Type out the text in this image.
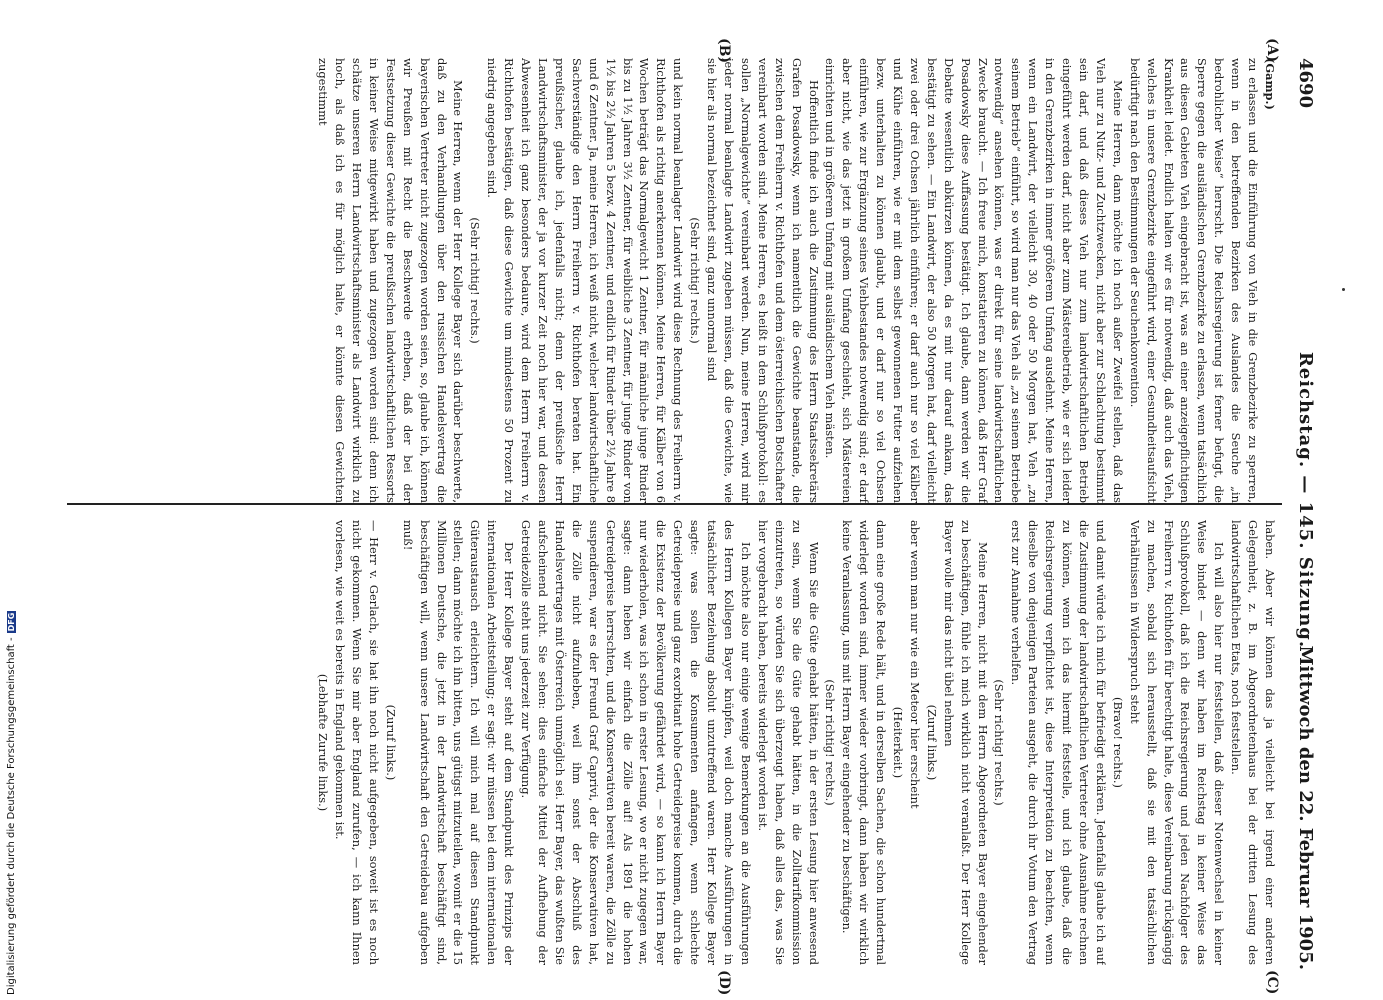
4690
Reichstag. — 145. Sitzung.
Mittwoch den 22. Februar 1905.
(A)
(B)
(C)
(D)

(Gamp.)

zu erlassen und die Einführung von Vieh in die Grenzbezirke zu sperren, wenn in den betreffenden Bezirken des Auslandes die Seuche „in bedrohlicher Weise“ herrscht. Die Reichsregierung ist ferner befugt, die Sperre gegen die ausländischen Grenzbezirke zu erlassen, wenn tatsächlich aus diesen Gebieten Vieh eingebracht ist, was an einer anzeigepflichtigen Krankheit leidet. Endlich halten wir es für notwendig, daß auch das Vieh, welches in unsere Grenzbezirke eingeführt wird, einer Gesundheitsaufsicht bedürftigt nach den Bestimmungen der Seuchenkonvention.

Meine Herren, dann möchte ich noch außer Zweifel stellen, daß das Vieh nur zu Nutz- und Zuchtzwecken, nicht aber zur Schlachtung bestimmt sein darf, und daß dieses Vieh nur zum landwirtschaftlichen Betrieb eingeführt werden darf, nicht aber zum Mästereibetrieb, wie er sich leider in den Grenzbezirken in immer größerem Umfang ausdehnt. Meine Herren, wenn ein Landwirt, der vielleicht 30, 40 oder 50 Morgen hat, Vieh „zu seinem Betrieb“ einführt, so wird man nur das Vieh als „zu seinem Betriebe notwendig“ ansehen können, was er direkt für seine landwirtschaftlichen Zwecke braucht. — Ich freue mich, konstatieren zu können, daß Herr Graf Posadowsky diese Auffassung bestätigt. Ich glaube, dann werden wir die Debatte wesentlich abkürzen können, da es mit nur darauf ankam, das bestätigt zu sehen. — Ein Landwirt, der also 50 Morgen hat, darf vielleicht zwei oder drei Ochsen jährlich einführen; er darf auch nur so viel Kälber und Kühe einführen, wie er mit dem selbst gewonnenen Futter aufziehen bezw. unterhalten zu können glaubt, und er darf nur so viel Ochsen einführen, wie zur Ergänzung seines Viehbestandes notwendig sind; er darf aber nicht, wie das jetzt in großem Umfang geschieht, sich Mästereien einrichten und in größerem Umfang mit ausländischem Vieh mästen.

Hoffentlich finde ich auch die Zustimmung des Herrn Staatssekretärs Grafen Posadowsky, wenn ich namentlich die Gewichte beanstande, die zwischen dem Freiherrn v. Richthofen und dem österreichischen Botschafter vereinbart worden sind. Meine Herren, es heißt in dem Schlußprotokoll: es sollen „Normalgewichte“ vereinbart werden. Nun, meine Herren, wird mir jeder normal beanlagte Landwirt zugeben müssen, daß die Gewichte, wie sie hier als normal bezeichnet sind, ganz unnormal sind

(Sehr richtig! rechts.)

und kein normal beanlagter Landwirt wird diese Rechnung des Freiherrn v. Richthofen als richtig anerkennen können. Meine Herren, für Kälber von 6 Wochen beträgt das Normalgewicht 1 Zentner, für männliche junge Rinder bis zu 1½ Jahren 3½ Zentner, für weibliche 3 Zentner, für junge Rinder von 1½ bis 2½ Jahren 5 bezw. 4 Zentner, und endlich für Rinder über 2½ Jahre 8 und 6 Zentner. Ja, meine Herren, ich weiß nicht, welcher landwirtschaftliche Sachverständige den Herrn Freiherrn v. Richthofen beraten hat. Ein preußischer, glaube ich, jedenfalls nicht; denn der preußische Herr Landwirtschaftsminister, der ja vor kurzer Zeit noch hier war, und dessen Abwesenheit ich ganz besonders bedaure, wird dem Herrn Freiherrn v. Richthofen bestätigen, daß diese Gewichte um mindestens 50 Prozent zu niedrig angegeben sind.

(Sehr richtig! rechts.)

Meine Herren, wenn der Herr Kollege Bayer sich darüber beschwerte, daß zu den Verhandlungen über den russischen Handelsvertrag die bayerischen Vertreter nicht zugezogen worden seien, so, glaube ich, können wir Preußen mit Recht die Beschwerde erheben, daß der bei der Festsetzung dieser Gewichte die preußischen landwirtschaftlichen Ressorts in keiner Weise mitgewirkt haben und zugezogen worden sind: denn ich schätze unseren Herrn Landwirtschaftsminister als Landwirt wirklich zu hoch, als daß ich es für möglich halte, er könnte diesen Gewichten zugestimmt

haben. Aber wir können das ja vielleicht bei irgend einer anderen Gelegenheit, z. B. im Abgeordnetenhaus bei der dritten Lesung des landwirtschaftlichen Etats, noch feststellen.

Ich will also hier nur feststellen, daß dieser Notenwechsel in keiner Weise bindet — denn wir haben im Reichstag in keiner Weise das Schlußprotokoll, daß ich die Reichsregierung und jeden Nachfolger des Freiherrn v. Richthofen für berechtigt halte, diese Vereinbarung rückgängig zu machen, sobald sich herausstellt, daß sie mit den tatsächlichen Verhältnissen in Widerspruch steht

(Bravo! rechts.)

und damit würde ich mich für befriedigt erklären. Jedenfalls glaube ich auf die Zustimmung der landwirtschaftlichen Vertreter ohne Ausnahme rechnen zu können, wenn ich das hiermit feststelle, und ich glaube, daß die Reichsregierung verpflichtet ist, diese Interpretation zu beachten, wenn dieselbe von denjenigen Parteien ausgeht, die durch ihr Votum den Vertrag erst zur Annahme verhelfen.

(Sehr richtig! rechts.)

Meine Herren, nicht mit dem Herrn Abgeordneten Bayer eingehender zu beschäftigen, fühle ich mich wirklich nicht veranlaßt. Der Herr Kollege Bayer wolle mir das nicht übel nehmen

(Zuruf links.)

aber wenn man nur wie ein Meteor hier erscheint

(Heiterkeit.)

dann eine große Rede hält, und in derselben Sachen, die schon hundertmal widerlegt worden sind, immer wieder vorbringt, dann haben wir wirklich keine Veranlassung, uns mit Herrn Bayer eingehender zu beschäftigen.

(Sehr richtig! rechts.)

Wenn Sie die Güte gehabt hätten, in der ersten Lesung hier anwesend zu sein, wenn Sie die Güte gehabt hätten, in die Zolltarifkommission einzutreten, so würden Sie sich überzeugt haben, daß alles das, was Sie hier vorgebracht haben, bereits widerlegt worden ist.

Ich möchte also nur einige wenige Bemerkungen an die Ausführungen des Herrn Kollegen Bayer knüpfen, weil doch manche Ausführungen in tatsächlicher Beziehung absolut unzutreffend waren. Herr Kollege Bayer sagte: was sollen die Konsumenten anfangen, wenn schlechte Getreidepreise und ganz exorbitant hohe Getreidepreise kommen, durch die die Existenz der Bevölkerung gefährdet wird, — so kann ich Herrn Bayer nur wiederholen, was ich schon in erster Lesung, wo er nicht zugegen war, sagte: dann heben wir einfach die Zölle auf! Als 1891 die hohen Getreidepreise herrschten, und die Konservativen bereit waren, die Zölle zu suspendieren, war es der Freund Graf Caprivi, der die Konservativen hat, die Zölle nicht aufzuheben, weil ihm sonst der Abschluß des Handelsvertrages mit Österreich unmöglich sei. Herr Bayer, das wußten Sie aufscheinend nicht. Sie sehen: dies einfache Mittel der Aufhebung der Getreidezölle steht uns jederzeit zur Verfügung.

Der Herr Kollege Bayer steht auf dem Standpunkt des Prinzips der internationalen Arbeitsteilung; er sagt: wir müssen bei dem internationalen Güteraustausch erleichtern. Ich will mich mal auf diesen Standpunkt stellen; dann möchte ich ihn bitten, uns gütigst mitzuteilen, womit er die 15 Millionen Deutsche, die jetzt in der Landwirtschaft beschäftigt sind, beschäftigen will, wenn unsere Landwirtschaft den Getreidebau aufgeben muß!

(Zuruf links.)

— Herr v. Gerlach, sie hat ihn noch nicht aufgegeben, soweit ist es noch nicht gekommen. Wenn Sie mir aber England zurufen, — ich kann Ihnen vorlesen, wie weit es bereits in England gekommen ist.

(Lebhafte Zurufe links.)

Digitalisierung gefördert durch die Deutsche Forschungsgemeinschaft -DFG
